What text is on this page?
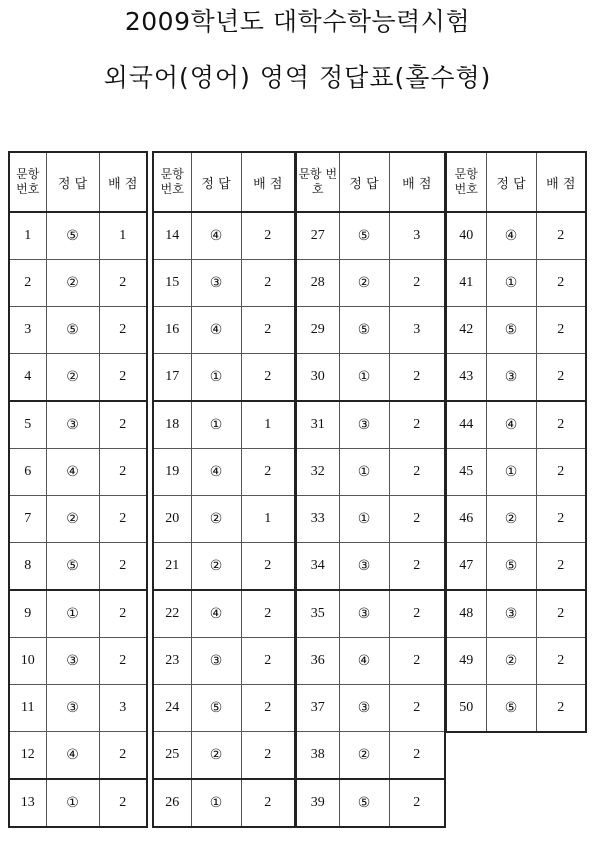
2009학년도 대학수학능력시험
외국어(영어) 영역 정답표(홀수형)
문항 번호	정 답	배 점
1	⑤	1
2	②	2
3	⑤	2
4	②	2
5	③	2
6	④	2
7	②	2
8	⑤	2
9	①	2
10	③	2
11	③	3
12	④	2
13	①	2
문항 번호	정 답	배 점
14	④	2
15	③	2
16	④	2
17	①	2
18	①	1
19	④	2
20	②	1
21	②	2
22	④	2
23	③	2
24	⑤	2
25	②	2
26	①	2
문항 번호	정 답	배 점
27	⑤	3
28	②	2
29	⑤	3
30	①	2
31	③	2
32	①	2
33	①	2
34	③	2
35	③	2
36	④	2
37	③	2
38	②	2
39	⑤	2
문항 번호	정 답	배 점
40	④	2
41	①	2
42	⑤	2
43	③	2
44	④	2
45	①	2
46	②	2
47	⑤	2
48	③	2
49	②	2
50	⑤	2
